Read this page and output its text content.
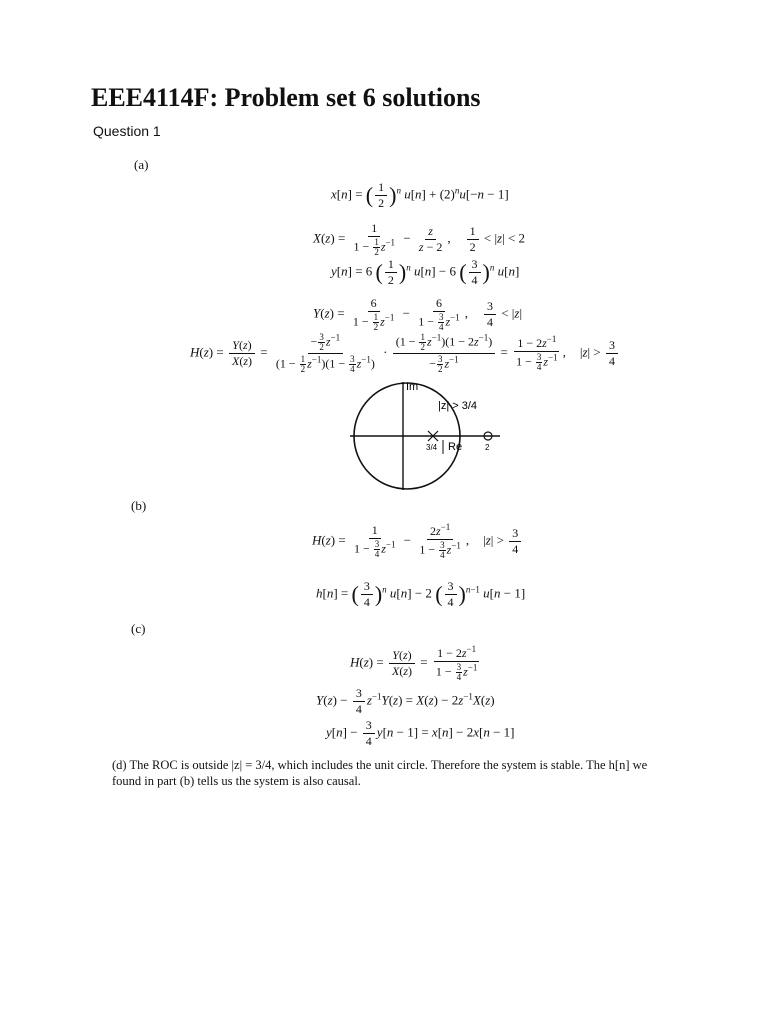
EEE4114F: Problem set 6 solutions
Question 1
(a)
x[n] = ( $\frac{1}{2} )^n$ $u[n] + (2)^nu[-n - 1]$
$X(z) = \frac{1}{1 - \frac{1}{2} z^{-1}} - \frac{z}{z - 2}$ , $\frac{1}{2} < |z| < 2$
y[n] = 6 ( $\frac{1}{2} )^n$ u[n] − 6 ( $\frac{3}{4} )^n$ u[n]
$Y(z) = \frac{6}{1 - \frac{1}{2} z^{-1}} - \frac{6}{1 - \frac{3}{4} z^{-1}}$ , $\frac{3}{4} < |z|$
$H(z) = \frac{Y(z)}{X(z)} = \frac{- \frac{3}{2} z^{-1}}{(1 - \frac{1}{2} z^{-1})(1 - \frac{3}{4} z^{-1})} \cdot \frac{(1 - \frac{1}{2} z^{-1})(1 - 2z^{-1})}{- \frac{3}{2} z^{-1}} = \frac{1 - 2z^{-1}}{1 - \frac{3}{4} z^{-1}}$ , $|z| > \frac{3}{4}$
Im
|z| > 3/4
3/4 Re	2
(b)
$H(z) = \frac{1}{1 - \frac{3}{4} z^{-1}} - \frac{2z^{-1}}{1 - \frac{3}{4} z^{-1}}$ , $|z| > \frac{3}{4}$
h[n] = ( $\frac{3}{4} )^n$ u[n] − 2 ( $\frac{3}{4} )^{n-1}$ u[n − 1]
(c)
$H(z) = \frac{Y(z)}{X(z)} = \frac{1 - 2z^{-1}}{1 - \frac{3}{4} z^{-1}}$
$Y(z) - \frac{3}{4} z^{-1}Y(z) = X(z) - 2z^{-1}X(z)$
$y[n] - \frac{3}{4} y[n - 1] = x[n] - 2x[n - 1]$
(d) The ROC is outside |z| = 3/4, which includes the unit circle. Therefore the system is stable. The h[n] we found in part (b) tells us the system is also causal.
